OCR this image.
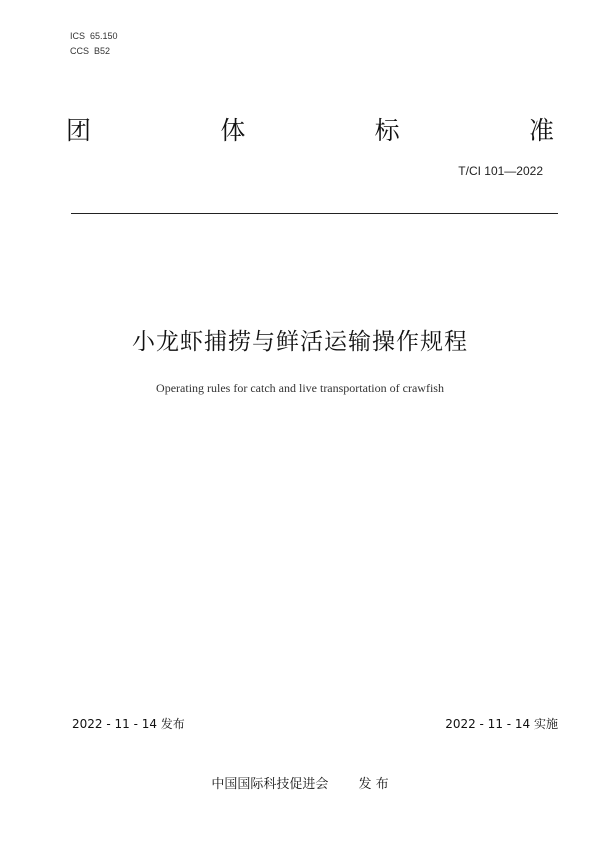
ICS  65.150
CCS  B52
团	体	标	准
T/CI 101—2022
小龙虾捕捞与鲜活运输操作规程
Operating rules for catch and live transportation of crawfish
2022 - 11 - 14 发布	2022 - 11 - 14 实施
中国国际科技促进会 发 布
